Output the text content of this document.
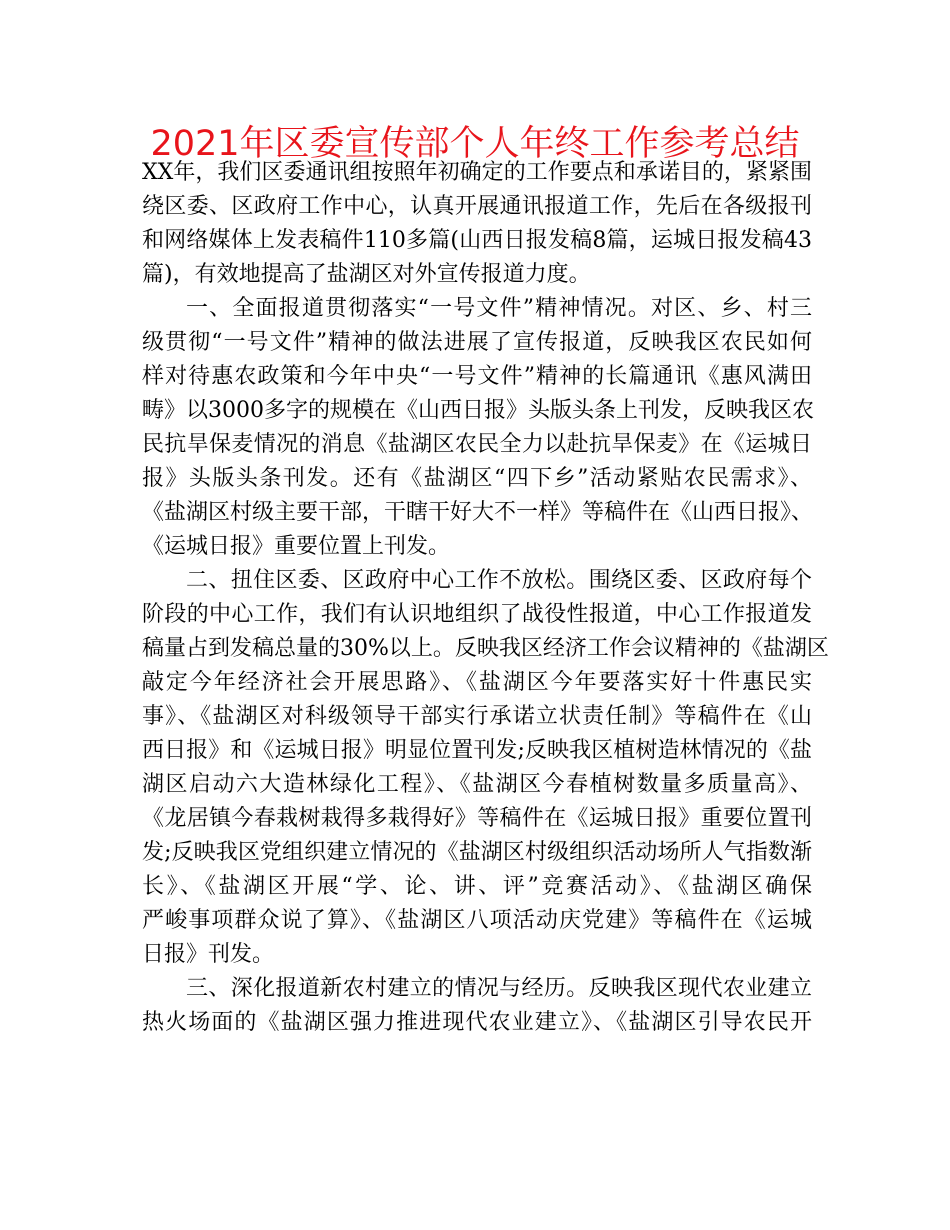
2021年区委宣传部个人年终工作参考总结
XX年，我们区委通讯组按照年初确定的工作要点和承诺目的，紧紧围
绕区委、区政府工作中心，认真开展通讯报道工作，先后在各级报刊
和网络媒体上发表稿件110多篇(山西日报发稿8篇，运城日报发稿43
篇)，有效地提高了盐湖区对外宣传报道力度。
一、全面报道贯彻落实“一号文件”精神情况。对区、乡、村三
级贯彻“一号文件”精神的做法进展了宣传报道，反映我区农民如何
样对待惠农政策和今年中央“一号文件”精神的长篇通讯《惠风满田
畴》以3000多字的规模在《山西日报》头版头条上刊发，反映我区农
民抗旱保麦情况的消息《盐湖区农民全力以赴抗旱保麦》在《运城日
报》头版头条刊发。还有《盐湖区“四下乡”活动紧贴农民需求》、
《盐湖区村级主要干部，干瞎干好大不一样》等稿件在《山西日报》、
《运城日报》重要位置上刊发。
二、扭住区委、区政府中心工作不放松。围绕区委、区政府每个
阶段的中心工作，我们有认识地组织了战役性报道，中心工作报道发
稿量占到发稿总量的30%以上。反映我区经济工作会议精神的《盐湖区
敲定今年经济社会开展思路》、《盐湖区今年要落实好十件惠民实
事》、《盐湖区对科级领导干部实行承诺立状责任制》等稿件在《山
西日报》和《运城日报》明显位置刊发;反映我区植树造林情况的《盐
湖区启动六大造林绿化工程》、《盐湖区今春植树数量多质量高》、
《龙居镇今春栽树栽得多栽得好》等稿件在《运城日报》重要位置刊
发;反映我区党组织建立情况的《盐湖区村级组织活动场所人气指数渐
长》、《盐湖区开展“学、论、讲、评”竞赛活动》、《盐湖区确保
严峻事项群众说了算》、《盐湖区八项活动庆党建》等稿件在《运城
日报》刊发。
三、深化报道新农村建立的情况与经历。反映我区现代农业建立
热火场面的《盐湖区强力推进现代农业建立》、《盐湖区引导农民开
